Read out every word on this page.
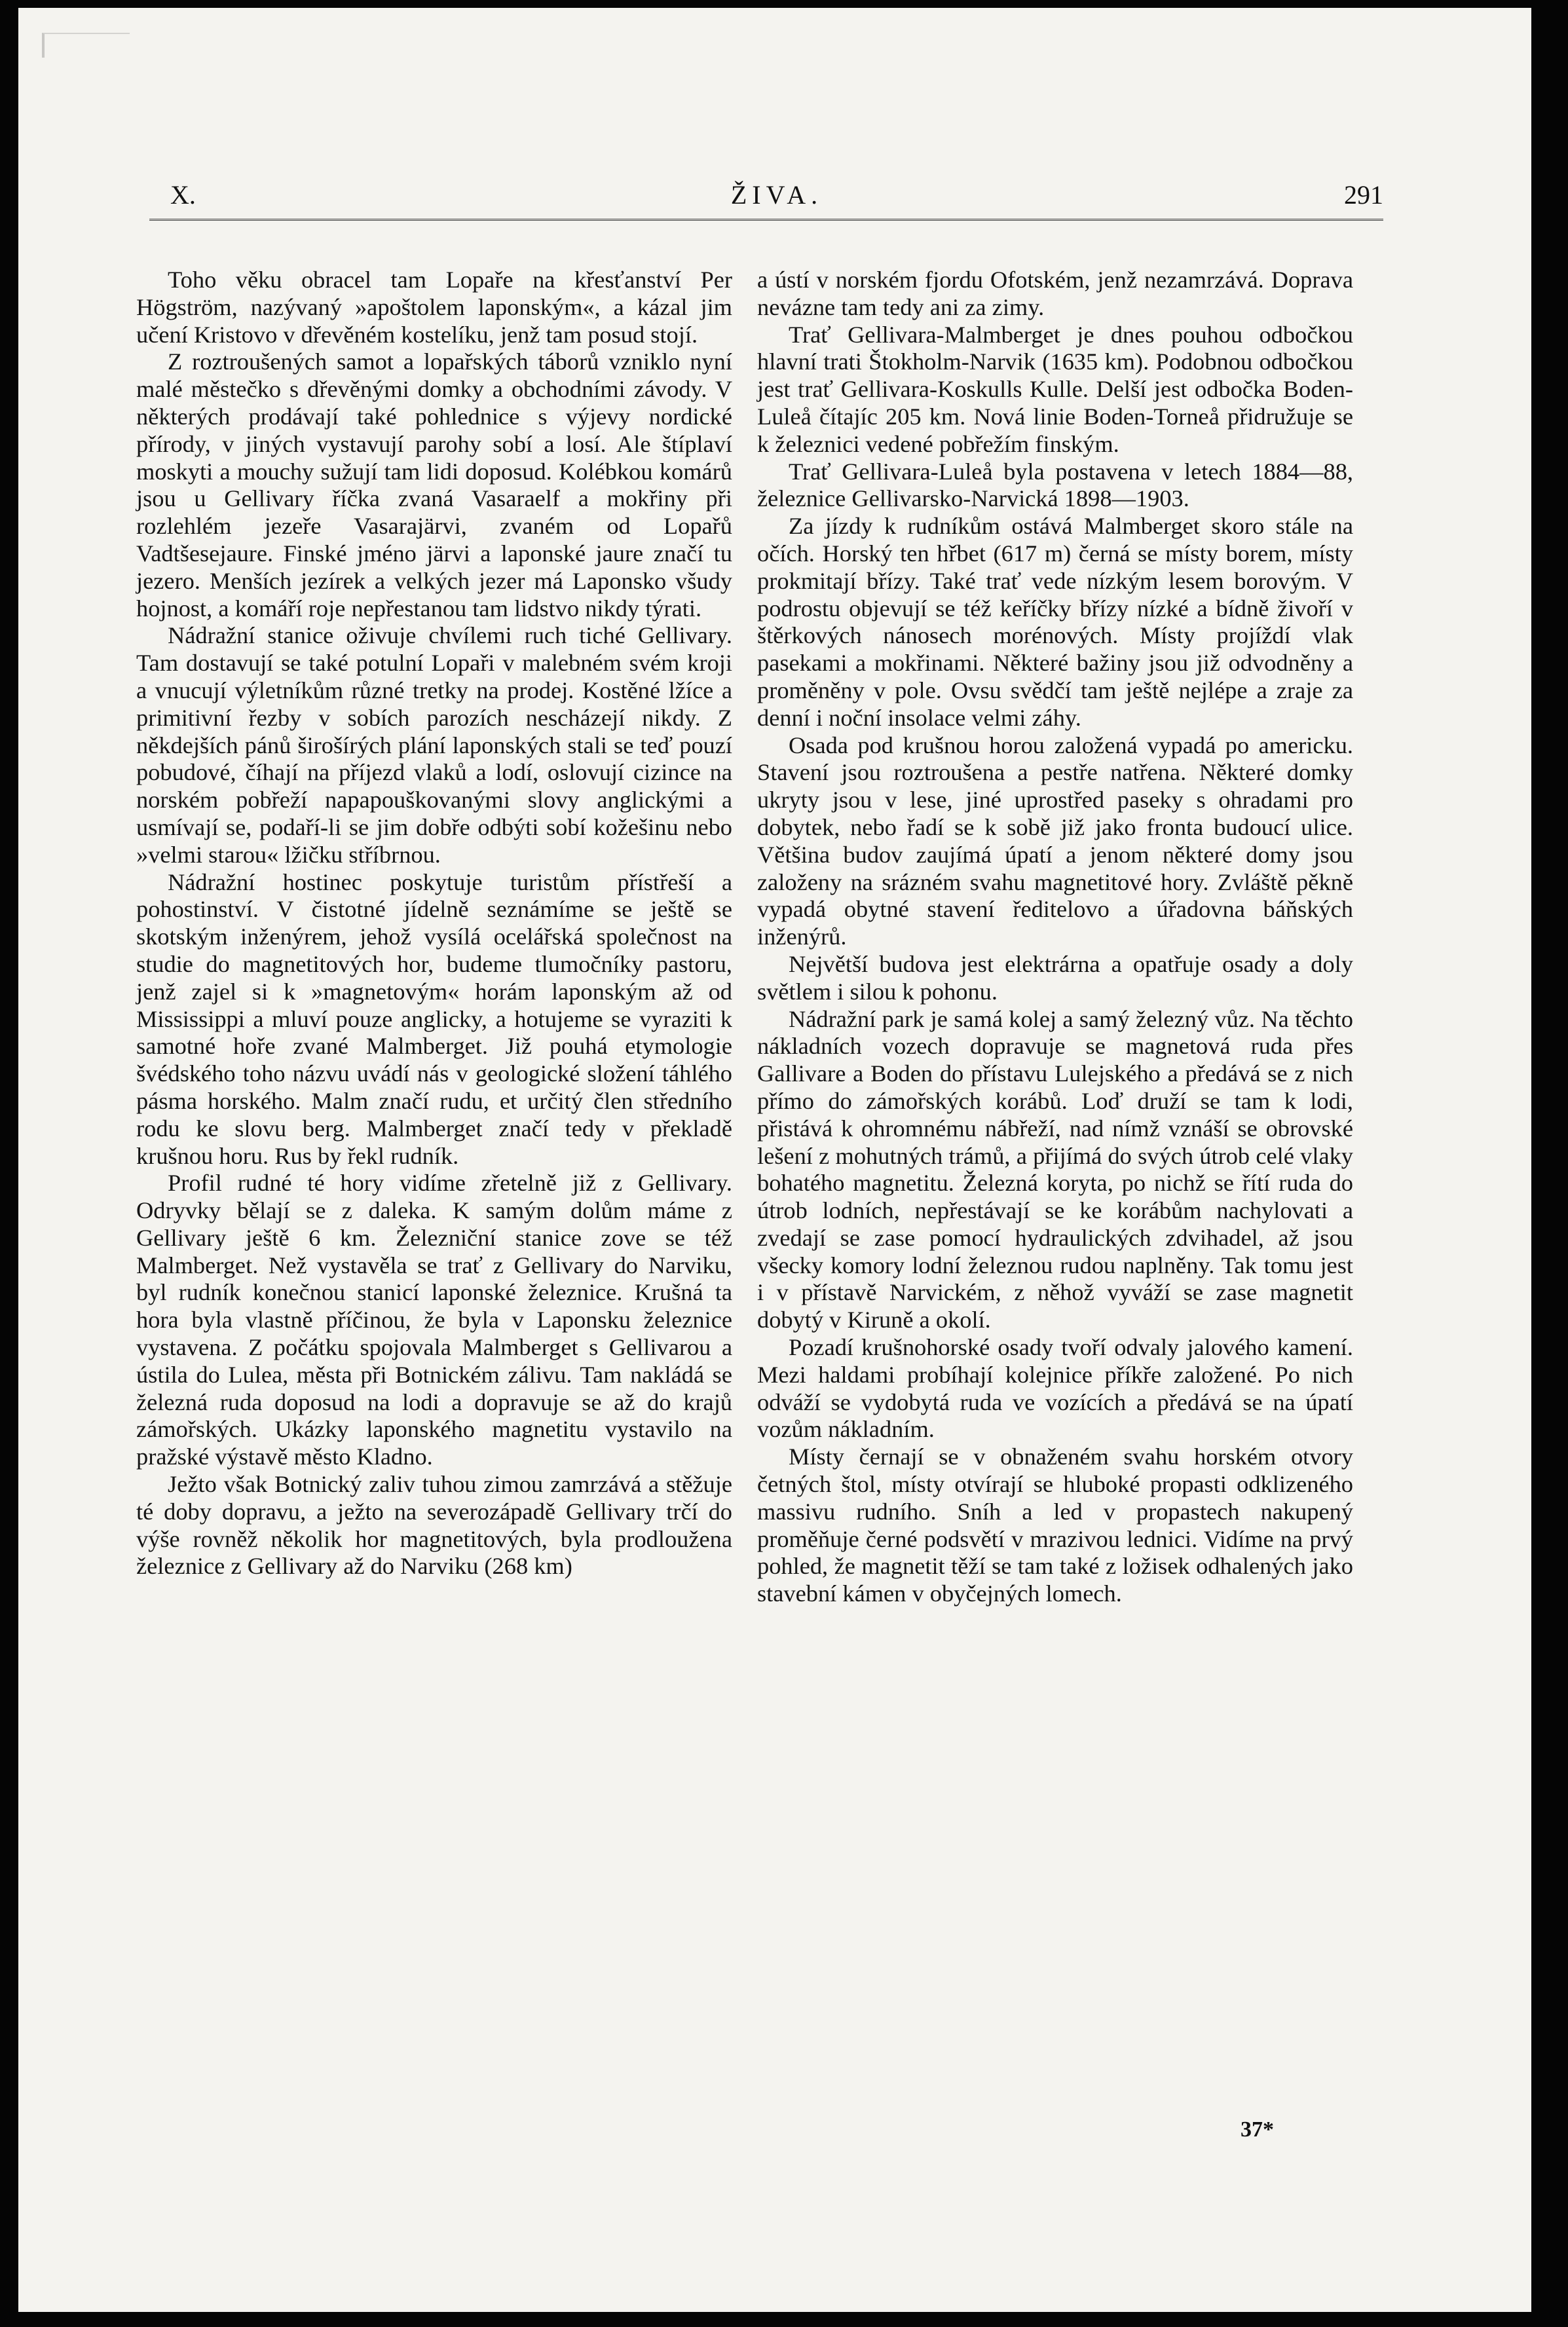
X.	ŽIVA.	291

Toho věku obracel tam Lopaře na křesťanství Per Högström, nazývaný »apoštolem laponským«, a kázal jim učení Kristovo v dřevěném kostelíku, jenž tam posud stojí.

Z roztroušených samot a lopařských táborů vzniklo nyní malé městečko s dřevěnými domky a obchodními závody. V některých prodávají také pohlednice s výjevy nordické přírody, v jiných vystavují parohy sobí a losí. Ale štíplaví moskyti a mouchy sužují tam lidi doposud. Kolébkou komárů jsou u Gellivary říčka zvaná Vasaraelf a mokřiny při rozlehlém jezeře Vasarajärvi, zvaném od Lopařů Vadtšesejaure. Finské jméno järvi a laponské jaure značí tu jezero. Menších jezírek a velkých jezer má Laponsko všudy hojnost, a komáří roje nepřestanou tam lidstvo nikdy týrati.

Nádražní stanice oživuje chvílemi ruch tiché Gellivary. Tam dostavují se také potulní Lopaři v malebném svém kroji a vnucují výletníkům různé tretky na prodej. Kostěné lžíce a primitivní řezby v sobích parozích nescházejí nikdy. Z někdejších pánů širošírých plání laponských stali se teď pouzí pobudové, číhají na příjezd vlaků a lodí, oslovují cizince na norském pobřeží napapouškovanými slovy anglickými a usmívají se, podaří-li se jim dobře odbýti sobí kožešinu nebo »velmi starou« lžičku stříbrnou.

Nádražní hostinec poskytuje turistům přístřeší a pohostinství. V čistotné jídelně seznámíme se ještě se skotským inženýrem, jehož vysílá ocelářská společnost na studie do magnetitových hor, budeme tlumočníky pastoru, jenž zajel si k »magnetovým« horám laponským až od Mississippi a mluví pouze anglicky, a hotujeme se vyraziti k samotné hoře zvané Malmberget. Již pouhá etymologie švédského toho názvu uvádí nás v geologické složení táhlého pásma horského. Malm značí rudu, et určitý člen středního rodu ke slovu berg. Malmberget značí tedy v překladě krušnou horu. Rus by řekl rudník.

Profil rudné té hory vidíme zřetelně již z Gellivary. Odryvky bělají se z daleka. K samým dolům máme z Gellivary ještě 6 km. Železniční stanice zove se též Malmberget. Než vystavěla se trať z Gellivary do Narviku, byl rudník konečnou stanicí laponské železnice. Krušná ta hora byla vlastně příčinou, že byla v Laponsku železnice vystavena. Z počátku spojovala Malmberget s Gellivarou a ústila do Lulea, města při Botnickém zálivu. Tam nakládá se železná ruda doposud na lodi a dopravuje se až do krajů zámořských. Ukázky laponského magnetitu vystavilo na pražské výstavě město Kladno.

Ježto však Botnický zaliv tuhou zimou zamrzává a stěžuje té doby dopravu, a ježto na severozápadě Gellivary trčí do výše rovněž několik hor magnetitových, byla prodloužena železnice z Gellivary až do Narviku (268 km)

a ústí v norském fjordu Ofotském, jenž nezamrzává. Doprava nevázne tam tedy ani za zimy.

Trať Gellivara-Malmberget je dnes pouhou odbočkou hlavní trati Štokholm-Narvik (1635 km). Podobnou odbočkou jest trať Gellivara-Koskulls Kulle. Delší jest odbočka Boden-Luleå čítajíc 205 km. Nová linie Boden-Torneå přidružuje se k železnici vedené pobřežím finským.

Trať Gellivara-Luleå byla postavena v letech 1884—88, železnice Gellivarsko-Narvická 1898—1903.

Za jízdy k rudníkům ostává Malmberget skoro stále na očích. Horský ten hřbet (617 m) černá se místy borem, místy prokmitají břízy. Také trať vede nízkým lesem borovým. V podrostu objevují se též keříčky břízy nízké a bídně živoří v štěrkových nánosech morénových. Místy projíždí vlak pasekami a mokřinami. Některé bažiny jsou již odvodněny a proměněny v pole. Ovsu svědčí tam ještě nejlépe a zraje za denní i noční insolace velmi záhy.

Osada pod krušnou horou založená vypadá po americku. Stavení jsou roztroušena a pestře natřena. Některé domky ukryty jsou v lese, jiné uprostřed paseky s ohradami pro dobytek, nebo řadí se k sobě již jako fronta budoucí ulice. Většina budov zaujímá úpatí a jenom některé domy jsou založeny na srázném svahu magnetitové hory. Zvláště pěkně vypadá obytné stavení ředitelovo a úřadovna báňských inženýrů.

Největší budova jest elektrárna a opatřuje osady a doly světlem i silou k pohonu.

Nádražní park je samá kolej a samý železný vůz. Na těchto nákladních vozech dopravuje se magnetová ruda přes Gallivare a Boden do přístavu Lulejského a předává se z nich přímo do zámořských korábů. Loď druží se tam k lodi, přistává k ohromnému nábřeží, nad nímž vznáší se obrovské lešení z mohutných trámů, a přijímá do svých útrob celé vlaky bohatého magnetitu. Železná koryta, po nichž se řítí ruda do útrob lodních, nepřestávají se ke korábům nachylovati a zvedají se zase pomocí hydraulických zdvihadel, až jsou všecky komory lodní železnou rudou naplněny. Tak tomu jest i v přístavě Narvickém, z něhož vyváží se zase magnetit dobytý v Kiruně a okolí.

Pozadí krušnohorské osady tvoří odvaly jalového kamení. Mezi haldami probíhají kolejnice příkře založené. Po nich odváží se vydobytá ruda ve vozících a předává se na úpatí vozům nákladním.

Místy černají se v obnaženém svahu horském otvory četných štol, místy otvírají se hluboké propasti odklizeného massivu rudního. Sníh a led v propastech nakupený proměňuje černé podsvětí v mrazivou lednici. Vidíme na prvý pohled, že magnetit těží se tam také z ložisek odhalených jako stavební kámen v obyčejných lomech.

37*
